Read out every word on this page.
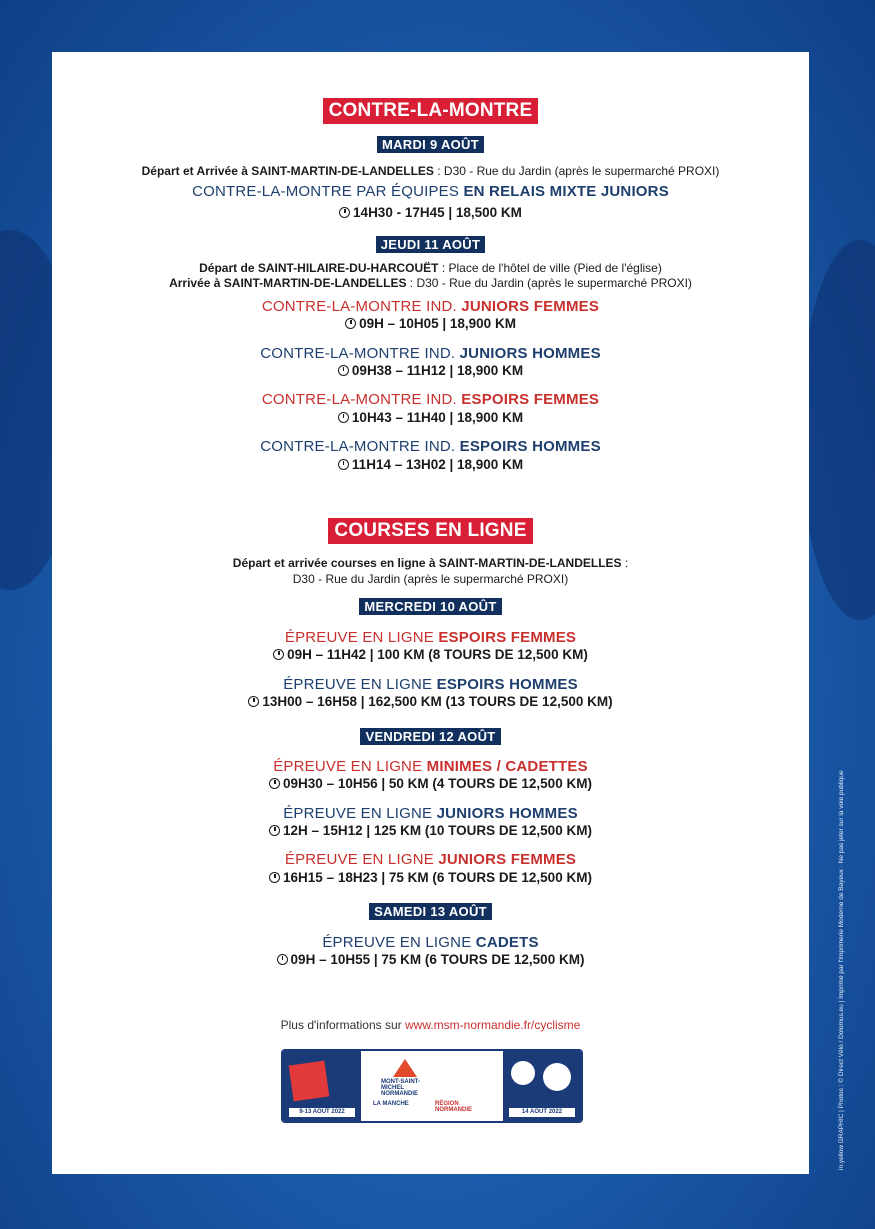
CONTRE-LA-MONTRE
MARDI 9 AOÛT
Départ et Arrivée à SAINT-MARTIN-DE-LANDELLES : D30 - Rue du Jardin (après le supermarché PROXI)
CONTRE-LA-MONTRE PAR ÉQUIPES EN RELAIS MIXTE JUNIORS
14H30 - 17H45 | 18,500 KM
JEUDI 11 AOÛT
Départ de SAINT-HILAIRE-DU-HARCOUËT : Place de l'hôtel de ville (Pied de l'église)
Arrivée à SAINT-MARTIN-DE-LANDELLES : D30 - Rue du Jardin (après le supermarché PROXI)
CONTRE-LA-MONTRE IND. JUNIORS FEMMES
09H – 10H05 | 18,900 KM
CONTRE-LA-MONTRE IND. JUNIORS HOMMES
09H38 – 11H12 | 18,900 KM
CONTRE-LA-MONTRE IND. ESPOIRS FEMMES
10H43 – 11H40 | 18,900 KM
CONTRE-LA-MONTRE IND. ESPOIRS HOMMES
11H14 – 13H02 | 18,900 KM
COURSES EN LIGNE
Départ et arrivée courses en ligne à SAINT-MARTIN-DE-LANDELLES :
D30 - Rue du Jardin (après le supermarché PROXI)
MERCREDI 10 AOÛT
ÉPREUVE EN LIGNE ESPOIRS FEMMES
09H – 11H42 | 100 KM (8 TOURS DE 12,500 KM)
ÉPREUVE EN LIGNE ESPOIRS HOMMES
13H00 – 16H58 | 162,500 KM (13 TOURS DE 12,500 KM)
VENDREDI 12 AOÛT
ÉPREUVE EN LIGNE MINIMES / CADETTES
09H30 – 10H56 | 50 KM (4 TOURS DE 12,500 KM)
ÉPREUVE EN LIGNE JUNIORS HOMMES
12H – 15H12 | 125 KM (10 TOURS DE 12,500 KM)
ÉPREUVE EN LIGNE JUNIORS FEMMES
16H15 – 18H23 | 75 KM (6 TOURS DE 12,500 KM)
SAMEDI 13 AOÛT
ÉPREUVE EN LIGNE CADETS
09H – 10H55 | 75 KM (6 TOURS DE 12,500 KM)
Plus d'informations sur www.msm-normandie.fr/cyclisme
9-13 AOÛT 2022
MONT-SAINT-MICHEL NORMANDIE
LA MANCHE	RÉGION NORMANDIE	14 AOÛT 2022	in.yellow GRAPHIC | Photos : © Direct Vélo / Dolomus.eu | Imprimé par l'Imprimerie Moderne de Bayeux · Ne pas jeter sur la voie publique
